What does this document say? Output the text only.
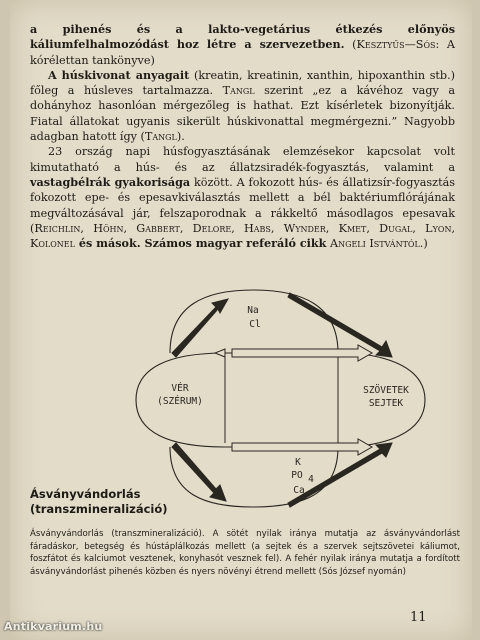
a pihenés és a lakto-vegetárius étkezés előnyös káliumfelhalmozódást hoz létre a szervezetben. (Kesztyűs—Sós: A kórélettan tankönyve)

A húskivonat anyagait (kreatin, kreatinin, xanthin, hipoxanthin stb.) főleg a húsleves tartalmazza. Tangl szerint „ez a kávéhoz vagy a dohányhoz hasonlóan mérgezőleg is hathat. Ezt kísérletek bizonyítják. Fiatal állatokat ugyanis sikerült húskivonattal megmérgezni.” Nagyobb adagban hatott így (Tangl).

23 ország napi húsfogyasztásának elemzésekor kapcsolat volt kimutatható a hús- és az állatzsiradék-fogyasztás, valamint a vastagbélrák gyakorisága között. A fokozott hús- és állatizsír-fogyasztás fokozott epe- és epesavkiválasztás mellett a bél baktériumflórájának megváltozásával jár, felszaporodnak a rákkeltő másodlagos epesavak (Reichlin, Höhn, Gabbert, Delore, Habs, Wynder, Kmet, Dugal, Lyon, Kolonel és mások. Számos magyar referáló cikk Angeli Istvántól.)

Na
Cl
VÉR
(SZÉRUM)
SZÖVETEK
SEJTEK
K
PO 4
Ca
Ásványvándorlás
(transzmineralizáció)
Ásványvándorlás (transzmineralizáció). A sötét nyilak iránya mutatja az ásványvándorlást fáradáskor, betegség és hústáplálkozás mellett (a sejtek és a szervek sejtszövetei káliumot, foszfátot és kalciumot vesztenek, konyhasót vesznek fel). A fehér nyilak iránya mutatja a fordított ásványvándorlást pihenés közben és nyers növényi étrend mellett (Sós József nyomán)
11
Antikvarium.hu
